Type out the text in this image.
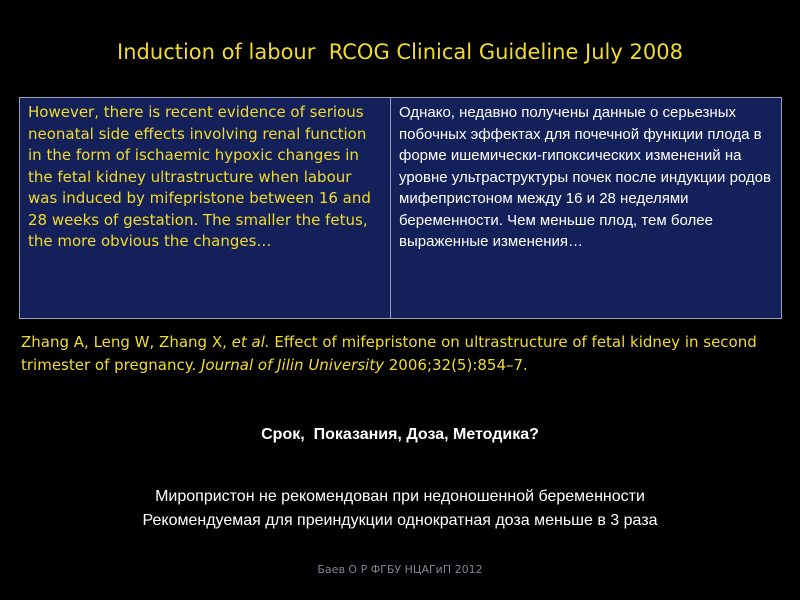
Induction of labour  RCOG Clinical Guideline July 2008
However, there is recent evidence of serious neonatal side effects involving renal function in the form of ischaemic hypoxic changes in the fetal kidney ultrastructure when labour was induced by mifepristone between 16 and 28 weeks of gestation. The smaller the fetus, the more obvious the changes…	Однако, недавно получены данные о серьезных побочных эффектах для почечной функции плода в форме ишемически-гипоксических изменений на уровне ультраструктуры почек после индукции родов мифепристоном между 16 и 28 неделями беременности. Чем меньше плод, тем более выраженные изменения…
Zhang A, Leng W, Zhang X, et al. Effect of mifepristone on ultrastructure of fetal kidney in second trimester of pregnancy. Journal of Jilin University 2006;32(5):854–7.
Срок,  Показания, Доза, Методика?
Миропристон не рекомендован при недоношенной беременности
Рекомендуемая для преиндукции однократная доза меньше в 3 раза
Баев О Р ФГБУ НЦАГиП 2012
